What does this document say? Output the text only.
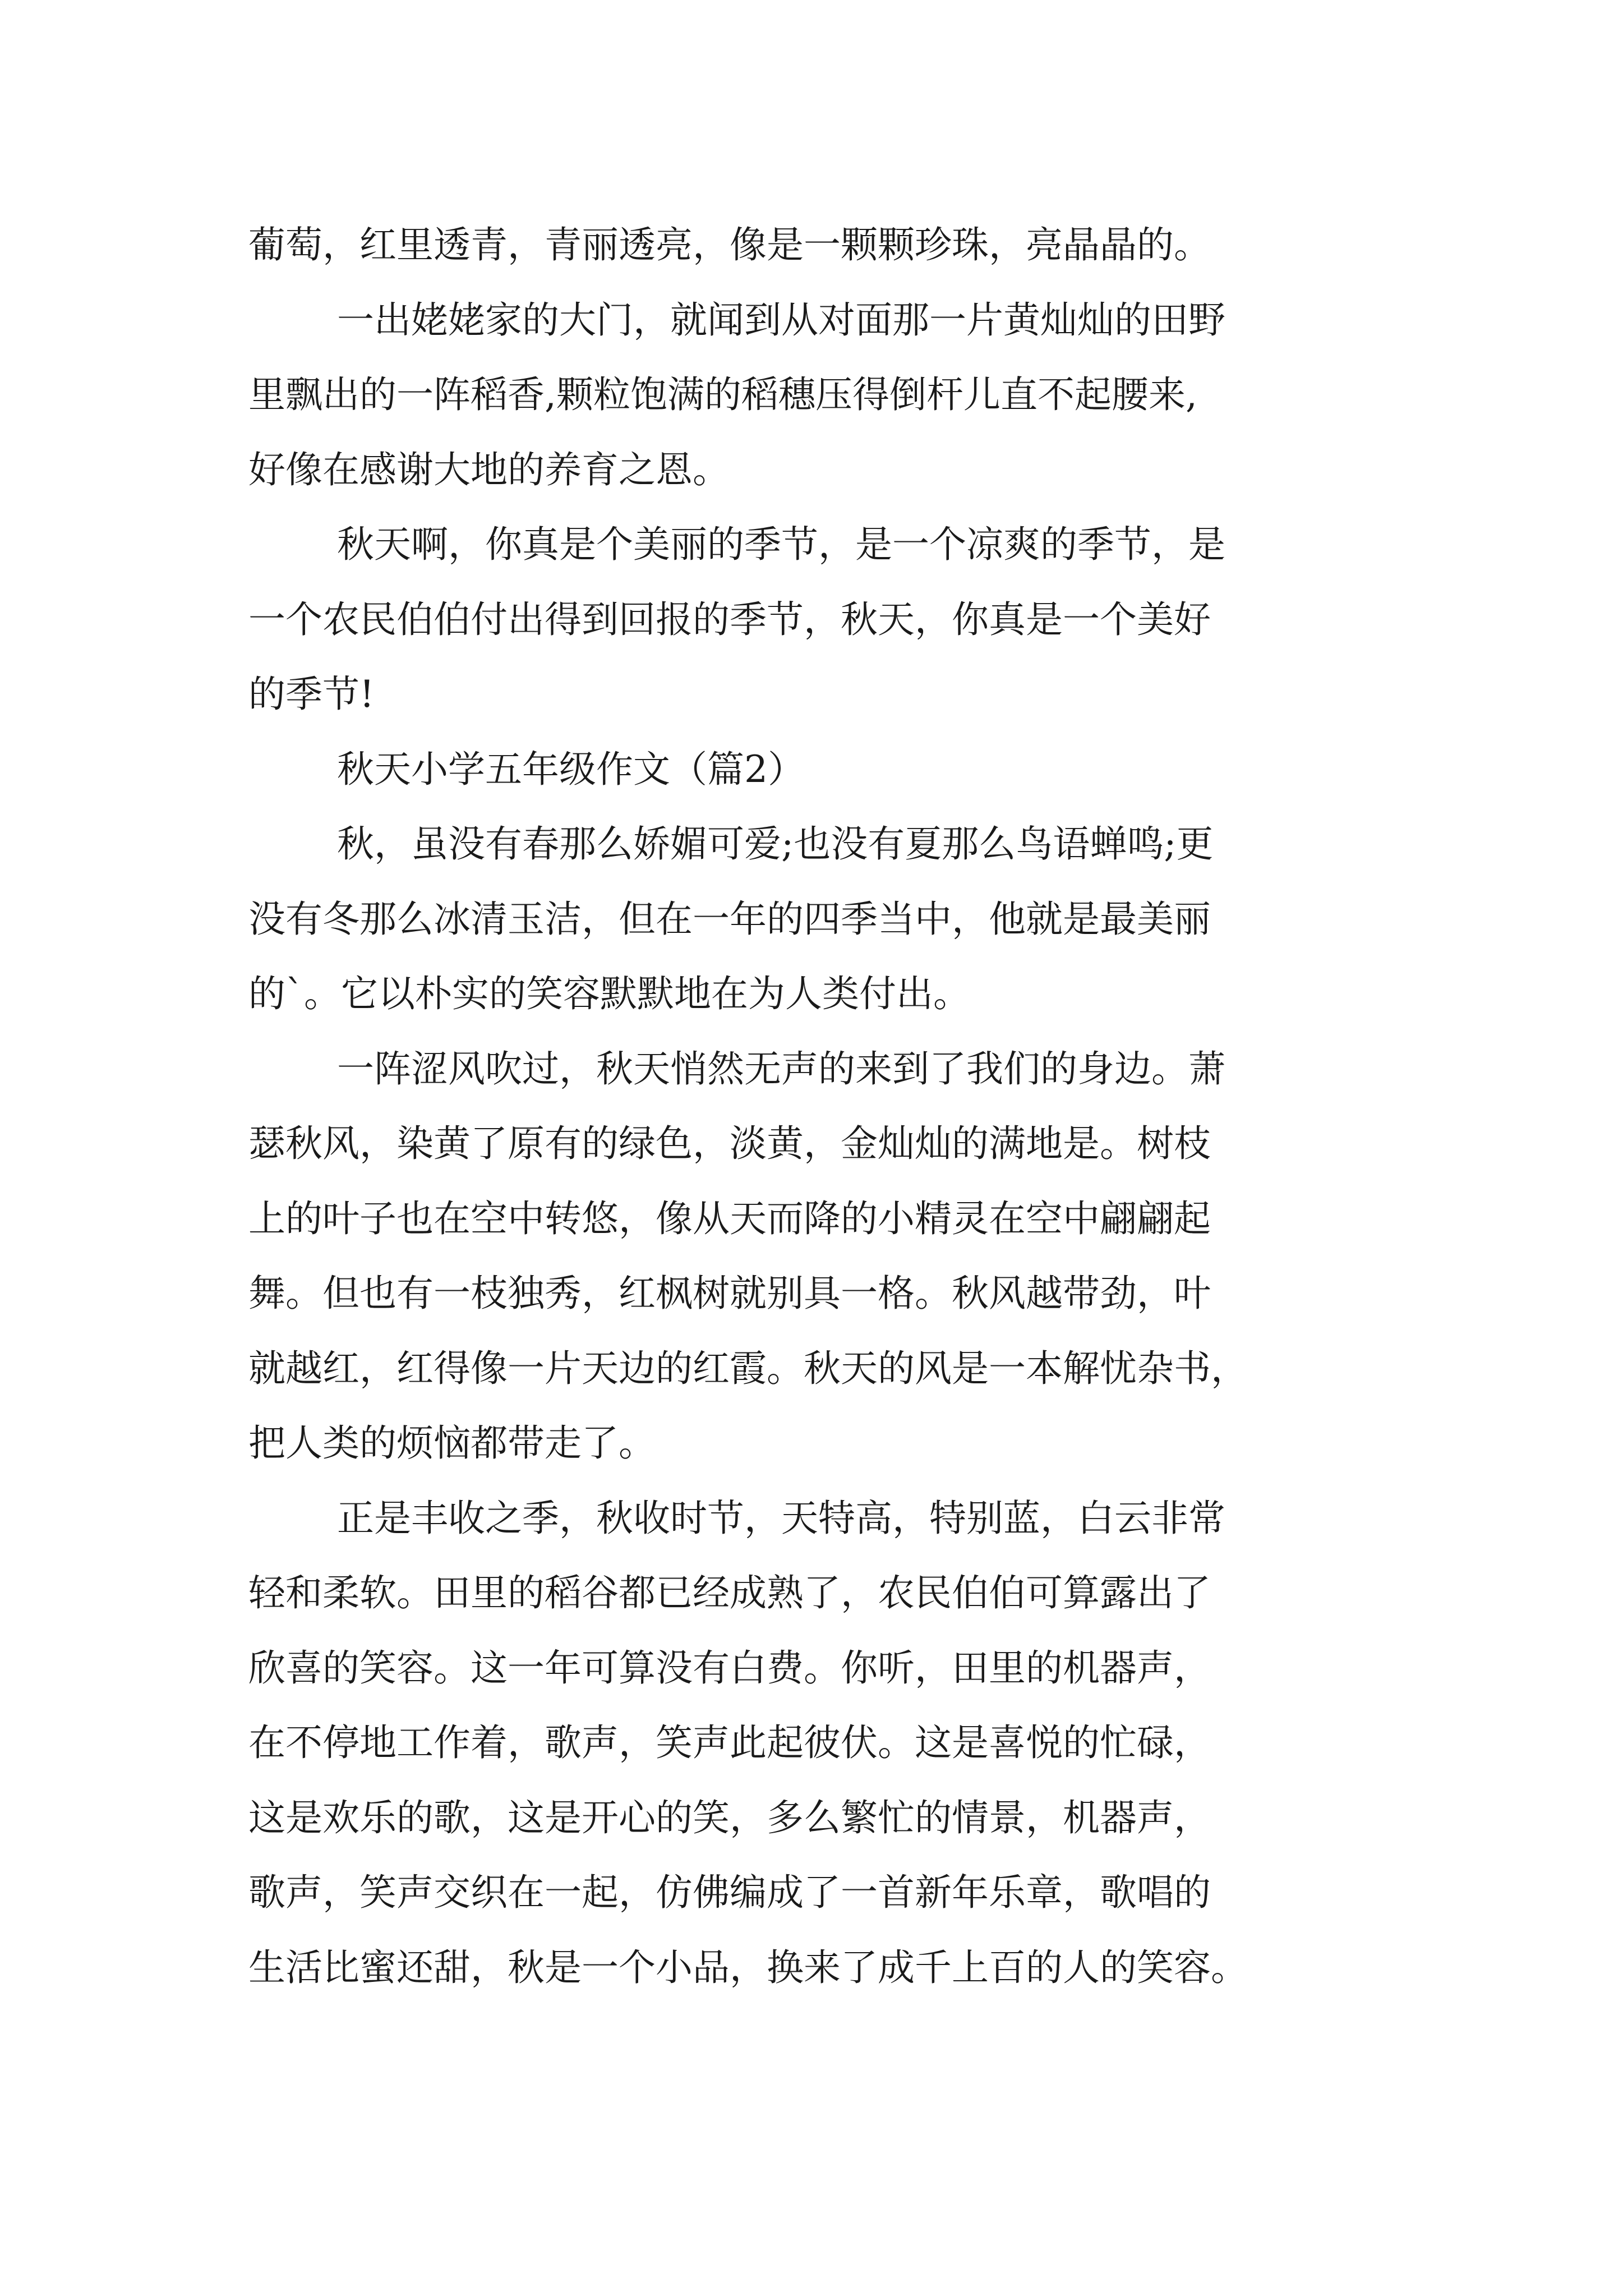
葡萄，红里透青，青丽透亮，像是一颗颗珍珠，亮晶晶的。
一出姥姥家的大门，就闻到从对面那一片黄灿灿的田野
里飘出的一阵稻香,颗粒饱满的稻穗压得倒杆儿直不起腰来,
好像在感谢大地的养育之恩。
秋天啊，你真是个美丽的季节，是一个凉爽的季节，是
一个农民伯伯付出得到回报的季节，秋天，你真是一个美好
的季节!
秋天小学五年级作文（篇2）
秋，虽没有春那么娇媚可爱;也没有夏那么鸟语蝉鸣;更
没有冬那么冰清玉洁，但在一年的四季当中，他就是最美丽
的`。它以朴实的笑容默默地在为人类付出。
一阵涩风吹过，秋天悄然无声的来到了我们的身边。萧
瑟秋风，染黄了原有的绿色，淡黄，金灿灿的满地是。树枝
上的叶子也在空中转悠，像从天而降的小精灵在空中翩翩起
舞。但也有一枝独秀，红枫树就别具一格。秋风越带劲，叶
就越红，红得像一片天边的红霞。秋天的风是一本解忧杂书，
把人类的烦恼都带走了。
正是丰收之季，秋收时节，天特高，特别蓝，白云非常
轻和柔软。田里的稻谷都已经成熟了，农民伯伯可算露出了
欣喜的笑容。这一年可算没有白费。你听，田里的机器声，
在不停地工作着，歌声，笑声此起彼伏。这是喜悦的忙碌，
这是欢乐的歌，这是开心的笑，多么繁忙的情景，机器声，
歌声，笑声交织在一起，仿佛编成了一首新年乐章，歌唱的
生活比蜜还甜，秋是一个小品，换来了成千上百的人的笑容。
